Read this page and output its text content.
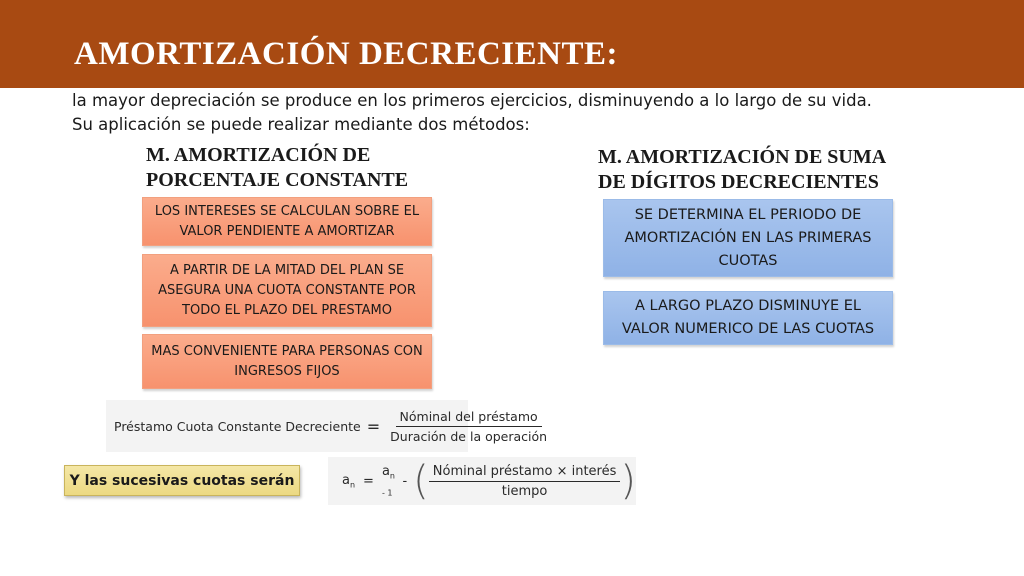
AMORTIZACIÓN DECRECIENTE:
la mayor depreciación se produce en los primeros ejercicios, disminuyendo a lo largo de su vida.
Su aplicación se puede realizar mediante dos métodos:
M. AMORTIZACIÓN DE
PORCENTAJE CONSTANTE
LOS INTERESES SE CALCULAN SOBRE EL VALOR PENDIENTE A AMORTIZAR
A PARTIR DE LA MITAD DEL PLAN SE ASEGURA UNA CUOTA CONSTANTE POR TODO EL PLAZO DEL PRESTAMO
MAS CONVENIENTE PARA PERSONAS CON INGRESOS FIJOS
M. AMORTIZACIÓN DE SUMA
DE DÍGITOS DECRECIENTES
SE DETERMINA EL PERIODO DE AMORTIZACIÓN EN LAS PRIMERAS CUOTAS
A LARGO PLAZO DISMINUYE EL VALOR NUMERICO DE LAS CUOTAS
Préstamo Cuota Constante Decreciente = $\frac{\text{Nóminal del préstamo}}{\text{Duración de la operación}}$
Y las sucesivas cuotas serán	$a_n$ =
$a_{n - 1}$
- ( $\frac{\text{Nóminal préstamo × interés}}{\text{tiempo}}$ )
